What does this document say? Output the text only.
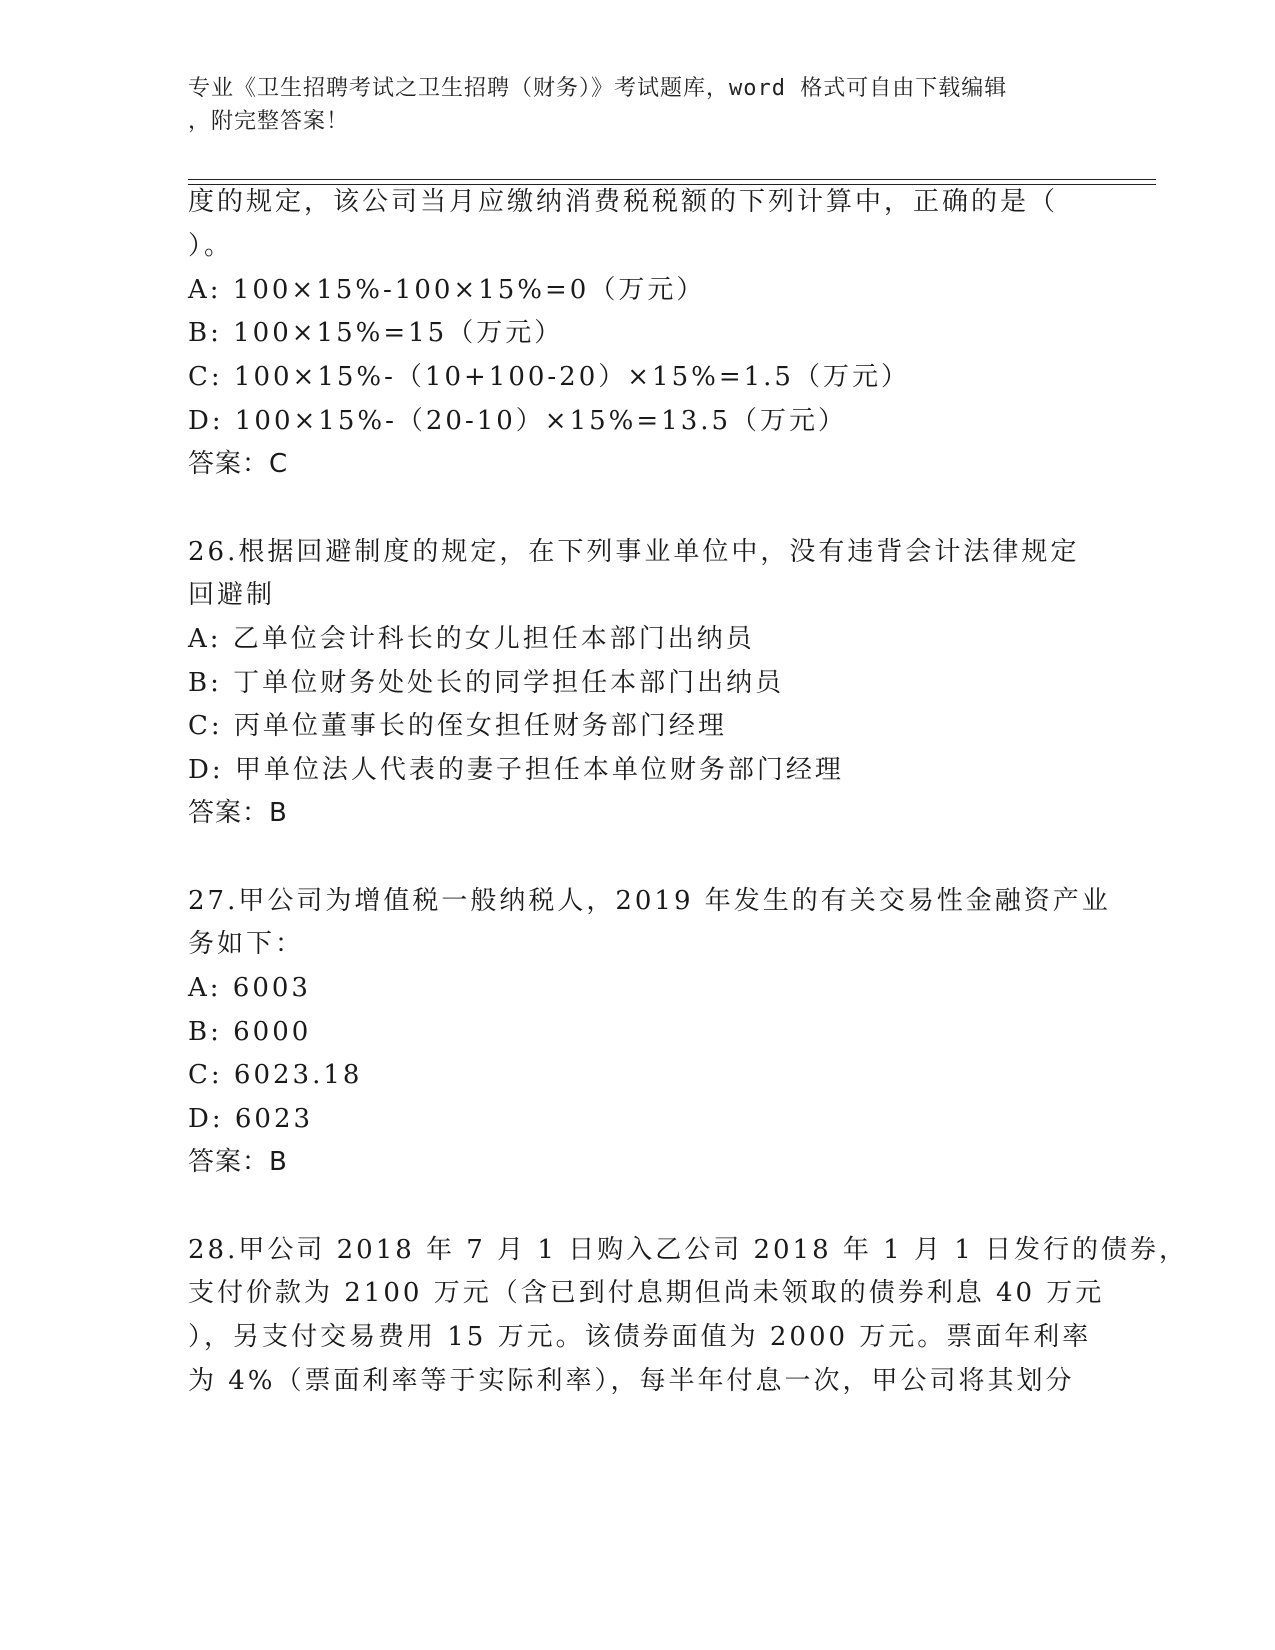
专业《卫生招聘考试之卫生招聘（财务）》考试题库，word 格式可自由下载编辑
，附完整答案！
度的规定，该公司当月应缴纳消费税税额的下列计算中，正确的是（
）。
A: 100×15%-100×15%=0（万元）
B: 100×15%=15（万元）
C: 100×15%-（10+100-20）×15%=1.5（万元）
D: 100×15%-（20-10）×15%=13.5（万元）
答案：C
26.根据回避制度的规定，在下列事业单位中，没有违背会计法律规定
回避制
A: 乙单位会计科长的女儿担任本部门出纳员
B: 丁单位财务处处长的同学担任本部门出纳员
C: 丙单位董事长的侄女担任财务部门经理
D: 甲单位法人代表的妻子担任本单位财务部门经理
答案：B
27.甲公司为增值税一般纳税人，2019 年发生的有关交易性金融资产业
务如下：
A: 6003
B: 6000
C: 6023.18
D: 6023
答案：B
28.甲公司 2018 年 7 月 1 日购入乙公司 2018 年 1 月 1 日发行的债券，
支付价款为 2100 万元（含已到付息期但尚未领取的债券利息 40 万元
），另支付交易费用 15 万元。该债券面值为 2000 万元。票面年利率
为 4%（票面利率等于实际利率），每半年付息一次，甲公司将其划分
